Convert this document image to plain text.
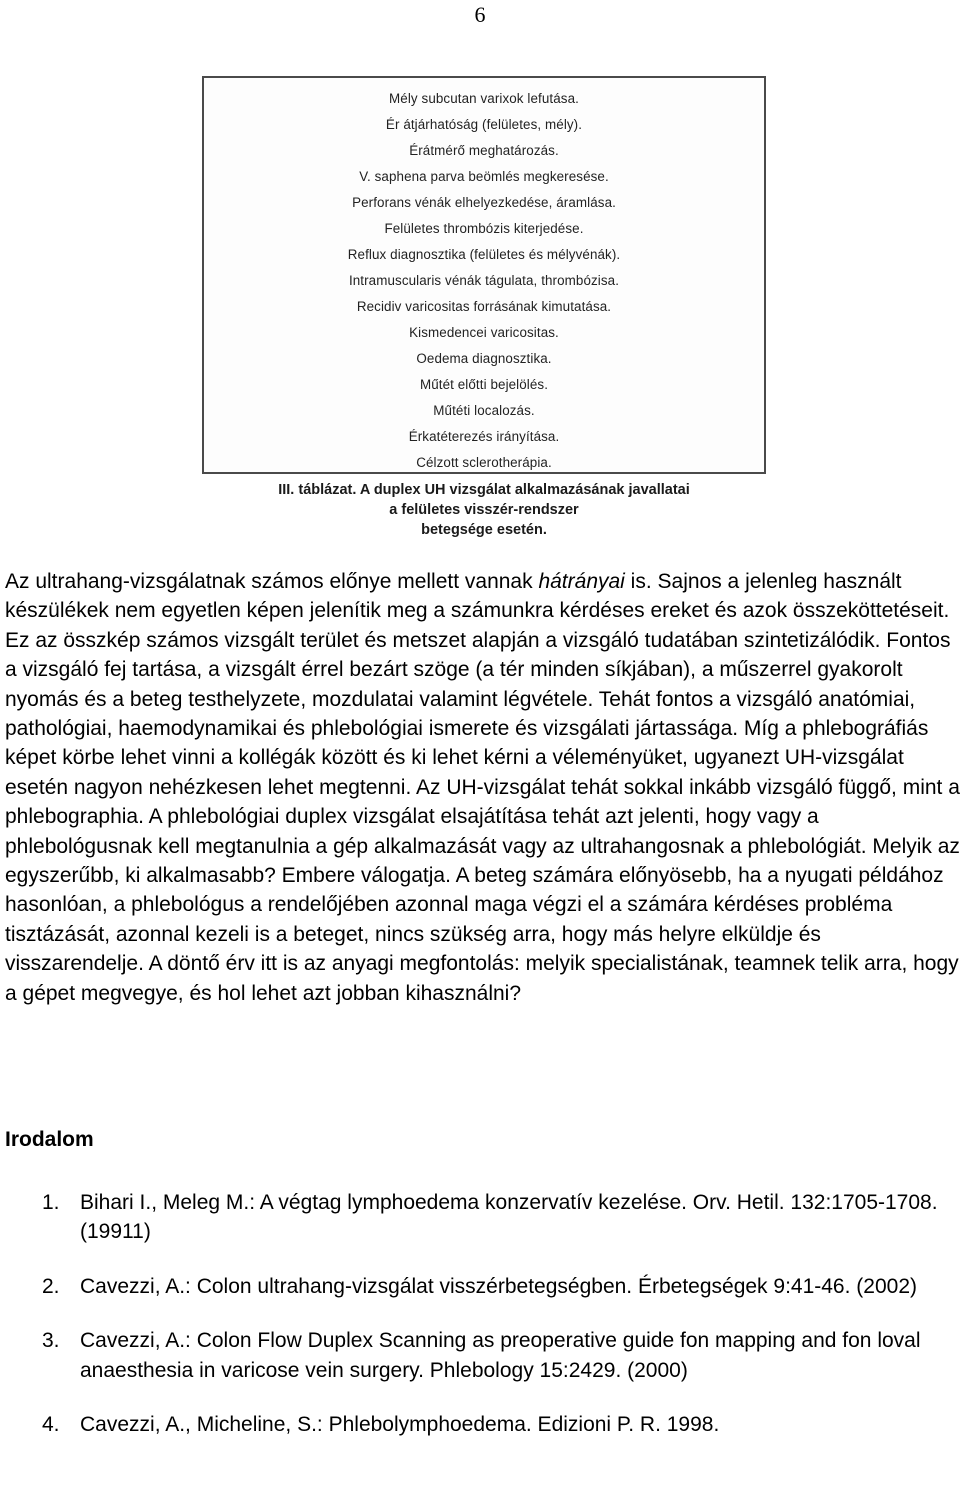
6
Mély subcutan varixok lefutása.
Ér átjárhatóság (felületes, mély).
Érátmérő meghatározás.
V. saphena parva beömlés megkeresése.
Perforans vénák elhelyezkedése, áramlása.
Felületes thrombózis kiterjedése.
Reflux diagnosztika (felületes és mélyvénák).
Intramuscularis vénák tágulata, thrombózisa.
Recidiv varicositas forrásának kimutatása.
Kismedencei varicositas.
Oedema diagnosztika.
Műtét előtti bejelölés.
Műtéti localozás.
Érkatéterezés irányítása.
Célzott sclerotherápia.
III. táblázat. A duplex UH vizsgálat alkalmazásának javallatai
a felületes visszér-rendszer
betegsége esetén.

Az ultrahang-vizsgálatnak számos előnye mellett vannak hátrányai is. Sajnos a jelenleg használt készülékek nem egyetlen képen jelenítik meg a számunkra kérdéses ereket és azok összeköttetéseit. Ez az összkép számos vizsgált terület és metszet alapján a vizsgáló tudatában szintetizálódik. Fontos a vizsgáló fej tartása, a vizsgált érrel bezárt szöge (a tér minden síkjában), a műszerrel gyakorolt nyomás és a beteg testhelyzete, mozdulatai valamint légvétele. Tehát fontos a vizsgáló anatómiai, pathológiai, haemodynamikai és phlebológiai ismerete és vizsgálati jártassága. Míg a phlebográfiás képet körbe lehet vinni a kollégák között és ki lehet kérni a véleményüket, ugyanezt UH-vizsgálat esetén nagyon nehézkesen lehet megtenni. Az UH-vizsgálat tehát sokkal inkább vizsgáló függő, mint a phlebographia. A phlebológiai duplex vizsgálat elsajátítása tehát azt jelenti, hogy vagy a phlebológusnak kell megtanulnia a gép alkalmazását vagy az ultrahangosnak a phlebológiát. Melyik az egyszerűbb, ki alkalmasabb? Embere válogatja. A beteg számára előnyösebb, ha a nyugati példához hasonlóan, a phlebológus a rendelőjében azonnal maga végzi el a számára kérdéses probléma tisztázását, azonnal kezeli is a beteget, nincs szükség arra, hogy más helyre elküldje és visszarendelje. A döntő érv itt is az anyagi megfontolás: melyik specialistának, teamnek telik arra, hogy a gépet megvegye, és hol lehet azt jobban kihasználni?

Irodalom
1. Bihari I., Meleg M.: A végtag lymphoedema konzervatív kezelése. Orv. Hetil. 132:1705-1708. (19911)
2. Cavezzi, A.: Colon ultrahang-vizsgálat visszérbetegségben. Érbetegségek 9:41-46. (2002)
3. Cavezzi, A.: Colon Flow Duplex Scanning as preoperative guide fon mapping and fon loval anaesthesia in varicose vein surgery. Phlebology 15:2429. (2000)
4. Cavezzi, A., Micheline, S.: Phlebolymphoedema. Edizioni P. R. 1998.
